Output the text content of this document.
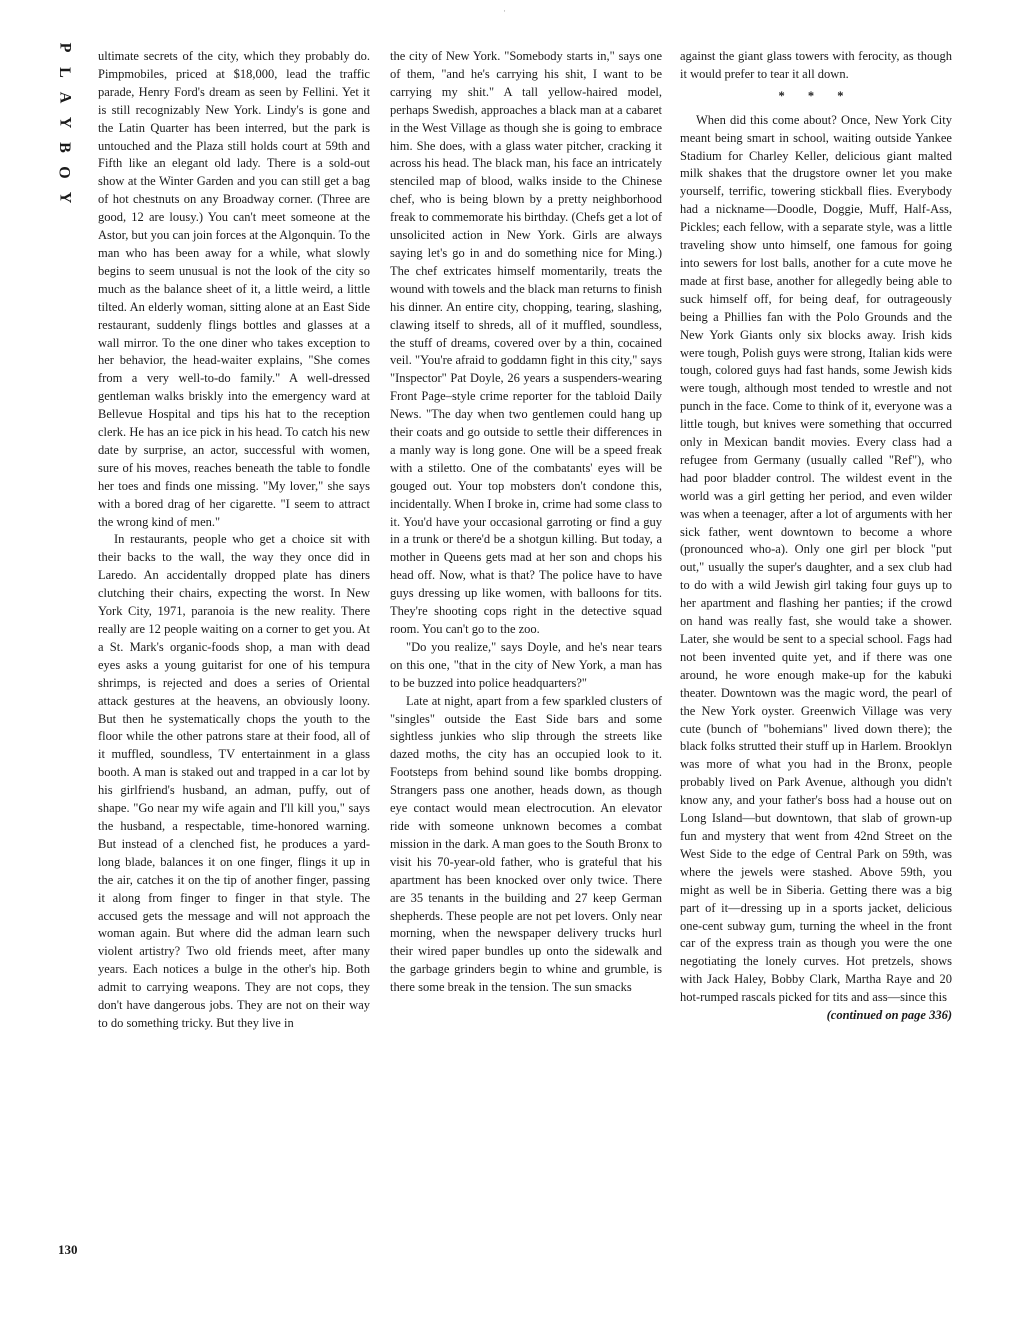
·
P
L
A
Y
B
O
Y
130

ultimate secrets of the city, which they probably do. Pimpmobiles, priced at $18,000, lead the traffic parade, Henry Ford's dream as seen by Fellini. Yet it is still recognizably New York. Lindy's is gone and the Latin Quarter has been interred, but the park is untouched and the Plaza still holds court at 59th and Fifth like an elegant old lady. There is a sold-out show at the Winter Garden and you can still get a bag of hot chestnuts on any Broadway corner. (Three are good, 12 are lousy.) You can't meet someone at the Astor, but you can join forces at the Algonquin. To the man who has been away for a while, what slowly begins to seem unusual is not the look of the city so much as the balance sheet of it, a little weird, a little tilted. An elderly woman, sitting alone at an East Side restaurant, suddenly flings bottles and glasses at a wall mirror. To the one diner who takes exception to her behavior, the head-waiter explains, "She comes from a very well-to-do family." A well-dressed gentleman walks briskly into the emergency ward at Bellevue Hospital and tips his hat to the reception clerk. He has an ice pick in his head. To catch his new date by surprise, an actor, successful with women, sure of his moves, reaches beneath the table to fondle her toes and finds one missing. "My lover," she says with a bored drag of her cigarette. "I seem to attract the wrong kind of men."

In restaurants, people who get a choice sit with their backs to the wall, the way they once did in Laredo. An accidentally dropped plate has diners clutching their chairs, expecting the worst. In New York City, 1971, paranoia is the new reality. There really are 12 people waiting on a corner to get you. At a St. Mark's organic-foods shop, a man with dead eyes asks a young guitarist for one of his tempura shrimps, is rejected and does a series of Oriental attack gestures at the heavens, an obviously loony. But then he systematically chops the youth to the floor while the other patrons stare at their food, all of it muffled, soundless, TV entertainment in a glass booth. A man is staked out and trapped in a car lot by his girlfriend's husband, an adman, puffy, out of shape. "Go near my wife again and I'll kill you," says the husband, a respectable, time-honored warning. But instead of a clenched fist, he produces a yard-long blade, balances it on one finger, flings it up in the air, catches it on the tip of another finger, passing it along from finger to finger in that style. The accused gets the message and will not approach the woman again. But where did the adman learn such violent artistry? Two old friends meet, after many years. Each notices a bulge in the other's hip. Both admit to carrying weapons. They are not cops, they don't have dangerous jobs. They are not on their way to do something tricky. But they live in

the city of New York. "Somebody starts in," says one of them, "and he's carrying his shit, I want to be carrying my shit." A tall yellow-haired model, perhaps Swedish, approaches a black man at a cabaret in the West Village as though she is going to embrace him. She does, with a glass water pitcher, cracking it across his head. The black man, his face an intricately stenciled map of blood, walks inside to the Chinese chef, who is being blown by a pretty neighborhood freak to commemorate his birthday. (Chefs get a lot of unsolicited action in New York. Girls are always saying let's go in and do something nice for Ming.) The chef extricates himself momentarily, treats the wound with towels and the black man returns to finish his dinner. An entire city, chopping, tearing, slashing, clawing itself to shreds, all of it muffled, soundless, the stuff of dreams, covered over by a thin, cocained veil. "You're afraid to goddamn fight in this city," says "Inspector" Pat Doyle, 26 years a suspenders-wearing Front Page–style crime reporter for the tabloid Daily News. "The day when two gentlemen could hang up their coats and go outside to settle their differences in a manly way is long gone. One will be a speed freak with a stiletto. One of the combatants' eyes will be gouged out. Your top mobsters don't condone this, incidentally. When I broke in, crime had some class to it. You'd have your occasional garroting or find a guy in a trunk or there'd be a shotgun killing. But today, a mother in Queens gets mad at her son and chops his head off. Now, what is that? The police have to have guys dressing up like women, with balloons for tits. They're shooting cops right in the detective squad room. You can't go to the zoo.

"Do you realize," says Doyle, and he's near tears on this one, "that in the city of New York, a man has to be buzzed into police headquarters?"

Late at night, apart from a few sparkled clusters of "singles" outside the East Side bars and some sightless junkies who slip through the streets like dazed moths, the city has an occupied look to it. Footsteps from behind sound like bombs dropping. Strangers pass one another, heads down, as though eye contact would mean electrocution. An elevator ride with someone unknown becomes a combat mission in the dark. A man goes to the South Bronx to visit his 70-year-old father, who is grateful that his apartment has been knocked over only twice. There are 35 tenants in the building and 27 keep German shepherds. These people are not pet lovers. Only near morning, when the newspaper delivery trucks hurl their wired paper bundles up onto the sidewalk and the garbage grinders begin to whine and grumble, is there some break in the tension. The sun smacks

against the giant glass towers with ferocity, as though it would prefer to tear it all down.

* * *

When did this come about? Once, New York City meant being smart in school, waiting outside Yankee Stadium for Charley Keller, delicious giant malted milk shakes that the drugstore owner let you make yourself, terrific, towering stickball flies. Everybody had a nickname—Doodle, Doggie, Muff, Half-Ass, Pickles; each fellow, with a separate style, was a little traveling show unto himself, one famous for going into sewers for lost balls, another for a cute move he made at first base, another for allegedly being able to suck himself off, for being deaf, for outrageously being a Phillies fan with the Polo Grounds and the New York Giants only six blocks away. Irish kids were tough, Polish guys were strong, Italian kids were tough, colored guys had fast hands, some Jewish kids were tough, although most tended to wrestle and not punch in the face. Come to think of it, everyone was a little tough, but knives were something that occurred only in Mexican bandit movies. Every class had a refugee from Germany (usually called "Ref"), who had poor bladder control. The wildest event in the world was a girl getting her period, and even wilder was when a teenager, after a lot of arguments with her sick father, went downtown to become a whore (pronounced who-a). Only one girl per block "put out," usually the super's daughter, and a sex club had to do with a wild Jewish girl taking four guys up to her apartment and flashing her panties; if the crowd on hand was really fast, she would take a shower. Later, she would be sent to a special school. Fags had not been invented quite yet, and if there was one around, he wore enough make-up for the kabuki theater. Downtown was the magic word, the pearl of the New York oyster. Greenwich Village was very cute (bunch of "bohemians" lived down there); the black folks strutted their stuff up in Harlem. Brooklyn was more of what you had in the Bronx, people probably lived on Park Avenue, although you didn't know any, and your father's boss had a house out on Long Island—but downtown, that slab of grown-up fun and mystery that went from 42nd Street on the West Side to the edge of Central Park on 59th, was where the jewels were stashed. Above 59th, you might as well be in Siberia. Getting there was a big part of it—dressing up in a sports jacket, delicious one-cent subway gum, turning the wheel in the front car of the express train as though you were the one negotiating the lonely curves. Hot pretzels, shows with Jack Haley, Bobby Clark, Martha Raye and 20 hot-rumped rascals picked for tits and ass—since this

(continued on page 336)
